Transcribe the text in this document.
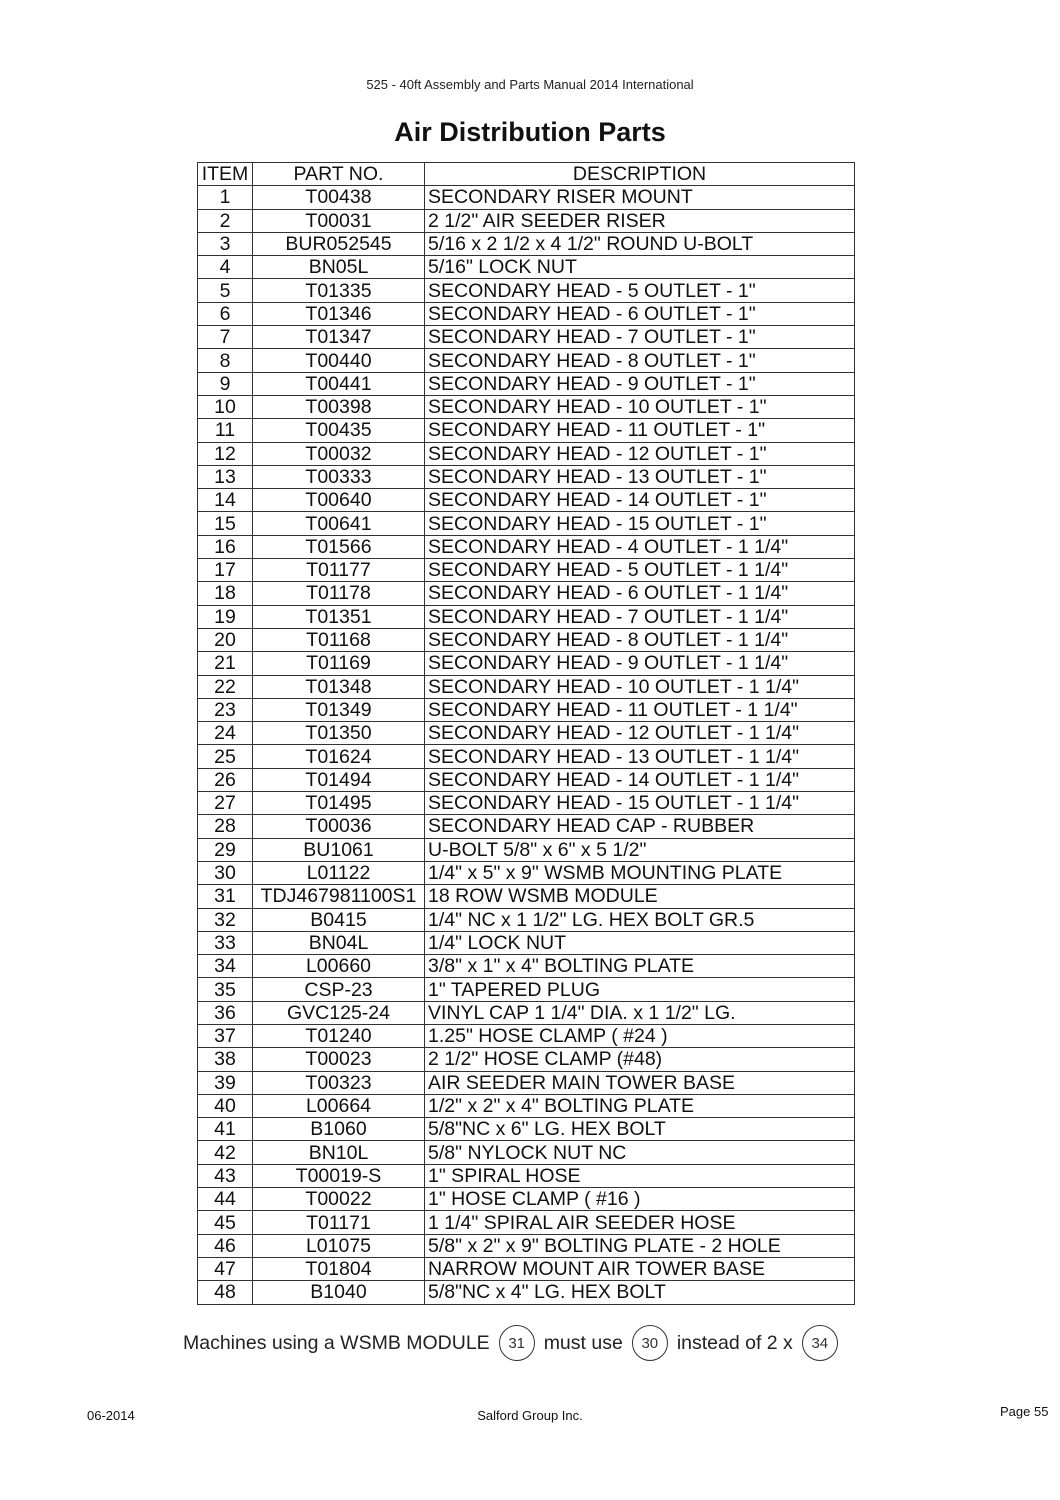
525 - 40ft Assembly and Parts Manual 2014 International
Air Distribution Parts
ITEM	PART NO.	DESCRIPTION
1	T00438	SECONDARY RISER MOUNT
2	T00031	2 1/2" AIR SEEDER RISER
3	BUR052545	5/16 x 2 1/2 x 4 1/2" ROUND U-BOLT
4	BN05L	5/16" LOCK NUT
5	T01335	SECONDARY HEAD - 5 OUTLET - 1"
6	T01346	SECONDARY HEAD - 6 OUTLET - 1"
7	T01347	SECONDARY HEAD - 7 OUTLET - 1"
8	T00440	SECONDARY HEAD - 8 OUTLET - 1"
9	T00441	SECONDARY HEAD - 9 OUTLET - 1"
10	T00398	SECONDARY HEAD - 10 OUTLET - 1"
11	T00435	SECONDARY HEAD - 11 OUTLET - 1"
12	T00032	SECONDARY HEAD - 12 OUTLET - 1"
13	T00333	SECONDARY HEAD - 13 OUTLET - 1"
14	T00640	SECONDARY HEAD - 14 OUTLET - 1"
15	T00641	SECONDARY HEAD - 15 OUTLET - 1"
16	T01566	SECONDARY HEAD - 4 OUTLET - 1 1/4"
17	T01177	SECONDARY HEAD - 5 OUTLET - 1 1/4"
18	T01178	SECONDARY HEAD - 6 OUTLET - 1 1/4"
19	T01351	SECONDARY HEAD - 7 OUTLET - 1 1/4"
20	T01168	SECONDARY HEAD - 8 OUTLET - 1 1/4"
21	T01169	SECONDARY HEAD - 9 OUTLET - 1 1/4"
22	T01348	SECONDARY HEAD - 10 OUTLET - 1 1/4"
23	T01349	SECONDARY HEAD - 11 OUTLET - 1 1/4"
24	T01350	SECONDARY HEAD - 12 OUTLET - 1 1/4"
25	T01624	SECONDARY HEAD - 13 OUTLET - 1 1/4"
26	T01494	SECONDARY HEAD - 14 OUTLET - 1 1/4"
27	T01495	SECONDARY HEAD - 15 OUTLET - 1 1/4"
28	T00036	SECONDARY HEAD CAP - RUBBER
29	BU1061	U-BOLT 5/8" x 6" x 5 1/2"
30	L01122	1/4" x 5" x 9" WSMB MOUNTING PLATE
31	TDJ467981100S1	18 ROW WSMB MODULE
32	B0415	1/4" NC x 1 1/2" LG. HEX BOLT GR.5
33	BN04L	1/4" LOCK NUT
34	L00660	3/8" x 1" x 4" BOLTING PLATE
35	CSP-23	1" TAPERED PLUG
36	GVC125-24	VINYL CAP 1 1/4" DIA. x 1 1/2" LG.
37	T01240	1.25" HOSE CLAMP ( #24 )
38	T00023	2 1/2" HOSE CLAMP (#48)
39	T00323	AIR SEEDER MAIN TOWER BASE
40	L00664	1/2" x 2" x 4" BOLTING PLATE
41	B1060	5/8"NC x 6" LG. HEX BOLT
42	BN10L	5/8" NYLOCK NUT NC
43	T00019-S	1" SPIRAL HOSE
44	T00022	1" HOSE CLAMP ( #16 )
45	T01171	1 1/4" SPIRAL AIR SEEDER HOSE
46	L01075	5/8" x 2" x 9" BOLTING PLATE - 2 HOLE
47	T01804	NARROW MOUNT AIR TOWER BASE
48	B1040	5/8"NC x 4" LG. HEX BOLT
Machines using a WSMB MODULE	31 must use	30 instead of 2 x	34
06-2014	Salford Group Inc.	Page 55
